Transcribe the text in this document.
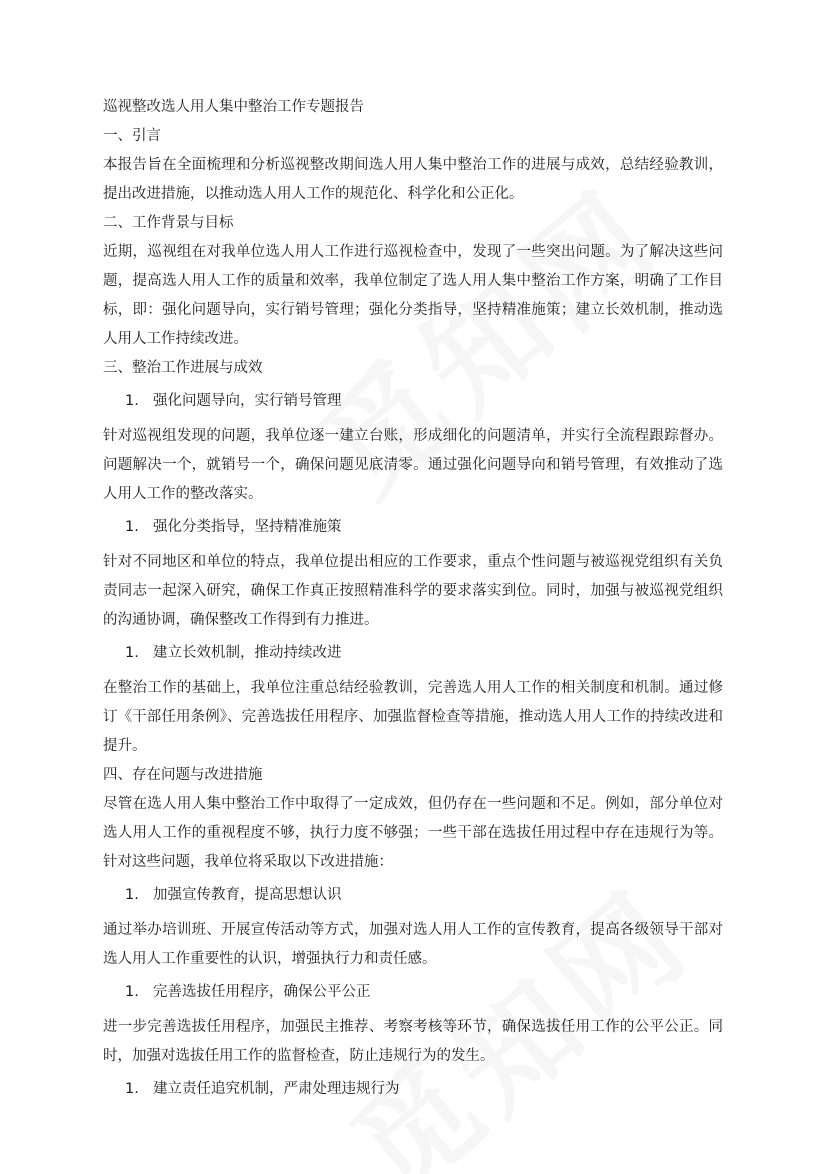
巡视整改选人用人集中整治工作专题报告
一、引言

本报告旨在全面梳理和分析巡视整改期间选人用人集中整治工作的进展与成效，总结经验教训，提出改进措施，以推动选人用人工作的规范化、科学化和公正化。

二、工作背景与目标

近期，巡视组在对我单位选人用人工作进行巡视检查中，发现了一些突出问题。为了解决这些问题，提高选人用人工作的质量和效率，我单位制定了选人用人集中整治工作方案，明确了工作目标，即：强化问题导向，实行销号管理；强化分类指导，坚持精准施策；建立长效机制，推动选人用人工作持续改进。

三、整治工作进展与成效
1. 强化问题导向，实行销号管理

针对巡视组发现的问题，我单位逐一建立台账，形成细化的问题清单，并实行全流程跟踪督办。问题解决一个，就销号一个，确保问题见底清零。通过强化问题导向和销号管理，有效推动了选人用人工作的整改落实。

1. 强化分类指导，坚持精准施策

针对不同地区和单位的特点，我单位提出相应的工作要求，重点个性问题与被巡视党组织有关负责同志一起深入研究，确保工作真正按照精准科学的要求落实到位。同时，加强与被巡视党组织的沟通协调，确保整改工作得到有力推进。

1. 建立长效机制，推动持续改进

在整治工作的基础上，我单位注重总结经验教训，完善选人用人工作的相关制度和机制。通过修订《干部任用条例》、完善选拔任用程序、加强监督检查等措施，推动选人用人工作的持续改进和提升。

四、存在问题与改进措施

尽管在选人用人集中整治工作中取得了一定成效，但仍存在一些问题和不足。例如，部分单位对选人用人工作的重视程度不够，执行力度不够强；一些干部在选拔任用过程中存在违规行为等。针对这些问题，我单位将采取以下改进措施：

1. 加强宣传教育，提高思想认识

通过举办培训班、开展宣传活动等方式，加强对选人用人工作的宣传教育，提高各级领导干部对选人用人工作重要性的认识，增强执行力和责任感。

1. 完善选拔任用程序，确保公平公正

进一步完善选拔任用程序，加强民主推荐、考察考核等环节，确保选拔任用工作的公平公正。同时，加强对选拔任用工作的监督检查，防止违规行为的发生。

1. 建立责任追究机制，严肃处理违规行为
